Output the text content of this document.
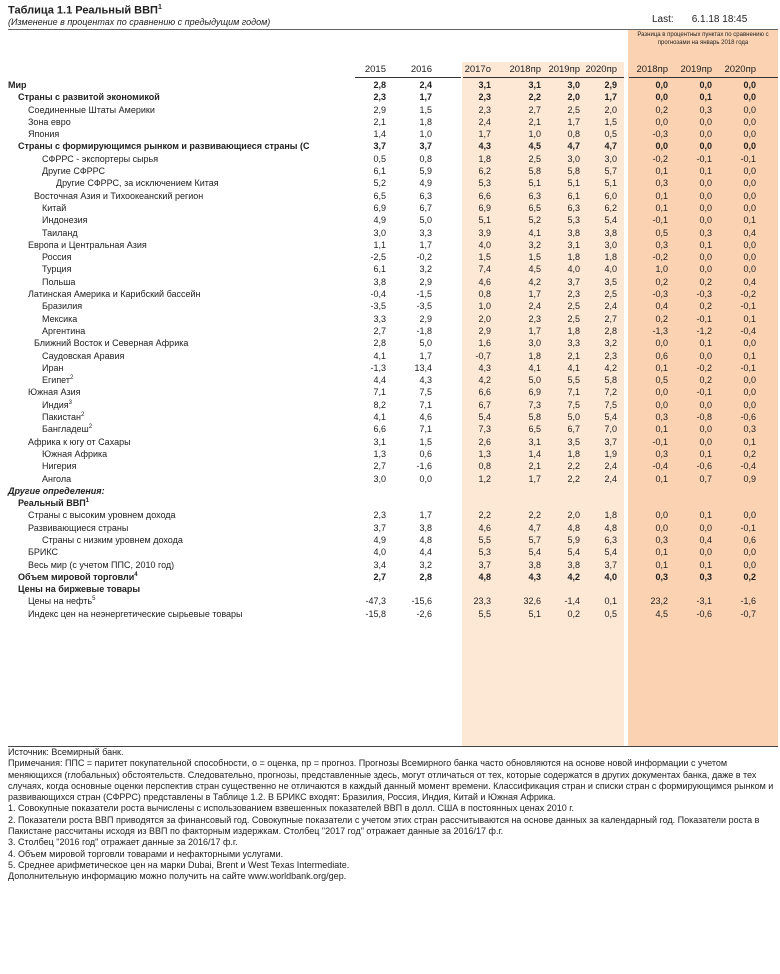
Таблица 1.1 Реальный ВВП$^1$
(Изменение в процентах по сравнению с предыдущим годом)	Last: 6.1.18 18:45
Разница в процентных пунктах по сравнению с прогнозами на январь 2018 года
2015	2016	2017o	2018пр 2019пр 2020пр	2018пр	2019пр	2020пр
Мир	2,8	2,4	3,1	3,1	3,0	2,9	0,0	0,0	0,0
Страны с развитой экономикой	2,3	1,7	2,3	2,2	2,0	1,7	0,0	0,1	0,0
Соединенные Штаты Америки	2,9	1,5	2,3	2,7	2,5	2,0	0,2	0,3	0,0
Зона евро	2,1	1,8	2,4	2,1	1,7	1,5	0,0	0,0	0,0
Япония	1,4	1,0	1,7	1,0	0,8	0,5	-0,3	0,0	0,0
Страны с формирующимся рынком и развивающиеся страны (С	3,7	3,7	4,3	4,5	4,7	4,7	0,0	0,0	0,0
СФРРС - экспортеры сырья	0,5	0,8	1,8	2,5	3,0	3,0	-0,2	-0,1	-0,1
Другие СФРРС	6,1	5,9	6,2	5,8	5,8	5,7	0,1	0,1	0,0
Другие СФРРС, за исключением Китая	5,2	4,9	5,3	5,1	5,1	5,1	0,3	0,0	0,0
Восточная Азия и Тихоокеанский регион	6,5	6,3	6,6	6,3	6,1	6,0	0,1	0,0	0,0
Китай	6,9	6,7	6,9	6,5	6,3	6,2	0,1	0,0	0,0
Индонезия	4,9	5,0	5,1	5,2	5,3	5,4	-0,1	0,0	0,1
Таиланд	3,0	3,3	3,9	4,1	3,8	3,8	0,5	0,3	0,4
Европа и Центральная Азия	1,1	1,7	4,0	3,2	3,1	3,0	0,3	0,1	0,0
Россия	-2,5	-0,2	1,5	1,5	1,8	1,8	-0,2	0,0	0,0
Турция	6,1	3,2	7,4	4,5	4,0	4,0	1,0	0,0	0,0
Польша	3,8	2,9	4,6	4,2	3,7	3,5	0,2	0,2	0,4
Латинская Америка и Карибский бассейн	-0,4	-1,5	0,8	1,7	2,3	2,5	-0,3	-0,3	-0,2
Бразилия	-3,5	-3,5	1,0	2,4	2,5	2,4	0,4	0,2	-0,1
Мексика	3,3	2,9	2,0	2,3	2,5	2,7	0,2	-0,1	0,1
Аргентина	2,7	-1,8	2,9	1,7	1,8	2,8	-1,3	-1,2	-0,4
Ближний Восток и Северная Африка	2,8	5,0	1,6	3,0	3,3	3,2	0,0	0,1	0,0
Саудовская Аравия	4,1	1,7	-0,7	1,8	2,1	2,3	0,6	0,0	0,1
Иран	-1,3	13,4	4,3	4,1	4,1	4,2	0,1	-0,2	-0,1
Египет$^2$	4,4	4,3	4,2	5,0	5,5	5,8	0,5	0,2	0,0
Южная Азия	7,1	7,5	6,6	6,9	7,1	7,2	0,0	-0,1	0,0
Индия$^3$	8,2	7,1	6,7	7,3	7,5	7,5	0,0	0,0	0,0
Пакистан$^2$	4,1	4,6	5,4	5,8	5,0	5,4	0,3	-0,8	-0,6
Бангладеш$^2$	6,6	7,1	7,3	6,5	6,7	7,0	0,1	0,0	0,3
Африка к югу от Сахары	3,1	1,5	2,6	3,1	3,5	3,7	-0,1	0,0	0,1
Южная Африка	1,3	0,6	1,3	1,4	1,8	1,9	0,3	0,1	0,2
Нигерия	2,7	-1,6	0,8	2,1	2,2	2,4	-0,4	-0,6	-0,4
Ангола	3,0	0,0	1,2	1,7	2,2	2,4	0,1	0,7	0,9
Другие определения:
Реальный ВВП$^1$
Страны с высоким уровнем дохода	2,3	1,7	2,2	2,2	2,0	1,8	0,0	0,1	0,0
Развивающиеся страны	3,7	3,8	4,6	4,7	4,8	4,8	0,0	0,0	-0,1
Страны с низким уровнем дохода	4,9	4,8	5,5	5,7	5,9	6,3	0,3	0,4	0,6
БРИКС	4,0	4,4	5,3	5,4	5,4	5,4	0,1	0,0	0,0
Весь мир (с учетом ППС, 2010 год)	3,4	3,2	3,7	3,8	3,8	3,7	0,1	0,1	0,0
Объем мировой торговли$^4$	2,7	2,8	4,8	4,3	4,2	4,0	0,3	0,3	0,2
Цены на биржевые товары
Цены на нефть$^5$	-47,3	-15,6	23,3	32,6	-1,4	0,1	23,2	-3,1	-1,6
Индекс цен на неэнергетические сырьевые товары	-15,8	-2,6	5,5	5,1	0,2	0,5	4,5	-0,6	-0,7

Источник: Всемирный банк.

Примечания: ППС = паритет покупательной способности, o = оценка, пр = прогноз. Прогнозы Всемирного банка часто обновляются на основе новой информации с учетом меняющихся (глобальных) обстоятельств. Следовательно, прогнозы, представленные здесь, могут отличаться от тех, которые содержатся в других документах банка, даже в тех случаях, когда основные оценки перспектив стран существенно не отличаются в каждый данный момент времени. Классификация стран и списки стран с формирующимся рынком и развивающихся стран (СФРРС) представлены в Таблице 1.2. В БРИКС входят: Бразилия, Россия, Индия, Китай и Южная Африка.

1. Совокупные показатели роста вычислены с использованием взвешенных показателей ВВП в долл. США в постоянных ценах 2010 г.

2. Показатели роста ВВП приводятся за финансовый год. Совокупные показатели с учетом этих стран рассчитываются на основе данных за календарный год. Показатели роста в Пакистане рассчитаны исходя из ВВП по факторным издержкам. Столбец "2017 год" отражает данные за 2016/17 ф.г.

3. Столбец "2016 год" отражает данные за 2016/17 ф.г.

4. Объем мировой торговли товарами и нефакторными услугами.

5. Среднее арифметическое цен на марки Dubai, Brent и West Texas Intermediate.

Дополнительную информацию можно получить на сайте www.worldbank.org/gep.
